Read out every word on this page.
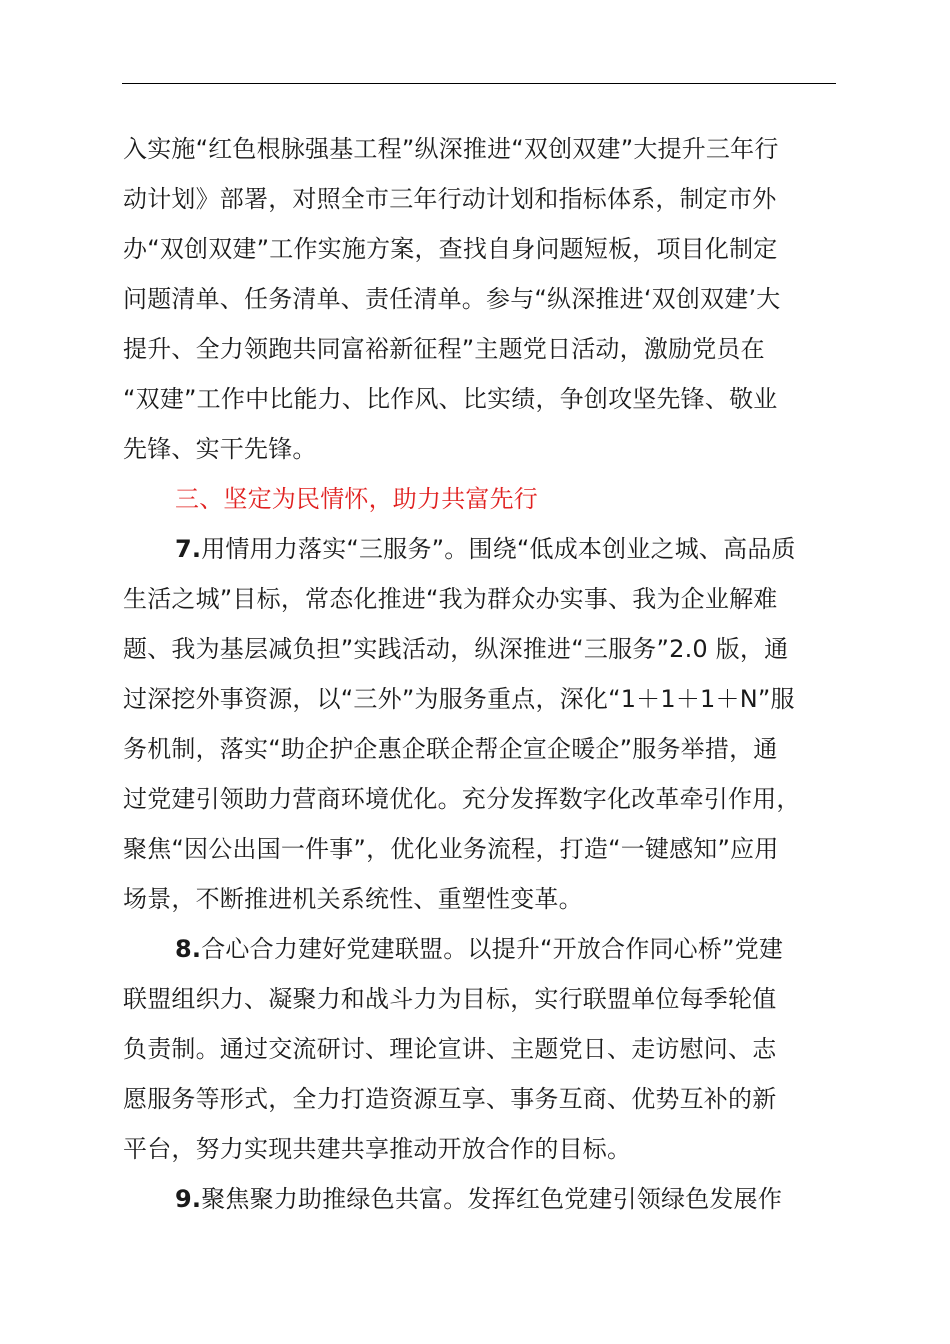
入实施“红色根脉强基工程”纵深推进“双创双建”大提升三年行
动计划》部署，对照全市三年行动计划和指标体系，制定市外
办“双创双建”工作实施方案，查找自身问题短板，项目化制定
问题清单、任务清单、责任清单。参与“纵深推进‘双创双建’大
提升、全力领跑共同富裕新征程”主题党日活动，激励党员在
“双建”工作中比能力、比作风、比实绩，争创攻坚先锋、敬业
先锋、实干先锋。
三、坚定为民情怀，助力共富先行
7.用情用力落实“三服务”。围绕“低成本创业之城、高品质
生活之城”目标，常态化推进“我为群众办实事、我为企业解难
题、我为基层减负担”实践活动，纵深推进“三服务”2.0 版，通
过深挖外事资源，以“三外”为服务重点，深化“1＋1＋1＋N”服
务机制，落实“助企护企惠企联企帮企宣企暖企”服务举措，通
过党建引领助力营商环境优化。充分发挥数字化改革牵引作用，
聚焦“因公出国一件事”，优化业务流程，打造“一键感知”应用
场景，不断推进机关系统性、重塑性变革。
8.合心合力建好党建联盟。以提升“开放合作同心桥”党建
联盟组织力、凝聚力和战斗力为目标，实行联盟单位每季轮值
负责制。通过交流研讨、理论宣讲、主题党日、走访慰问、志
愿服务等形式，全力打造资源互享、事务互商、优势互补的新
平台，努力实现共建共享推动开放合作的目标。
9.聚焦聚力助推绿色共富。发挥红色党建引领绿色发展作
